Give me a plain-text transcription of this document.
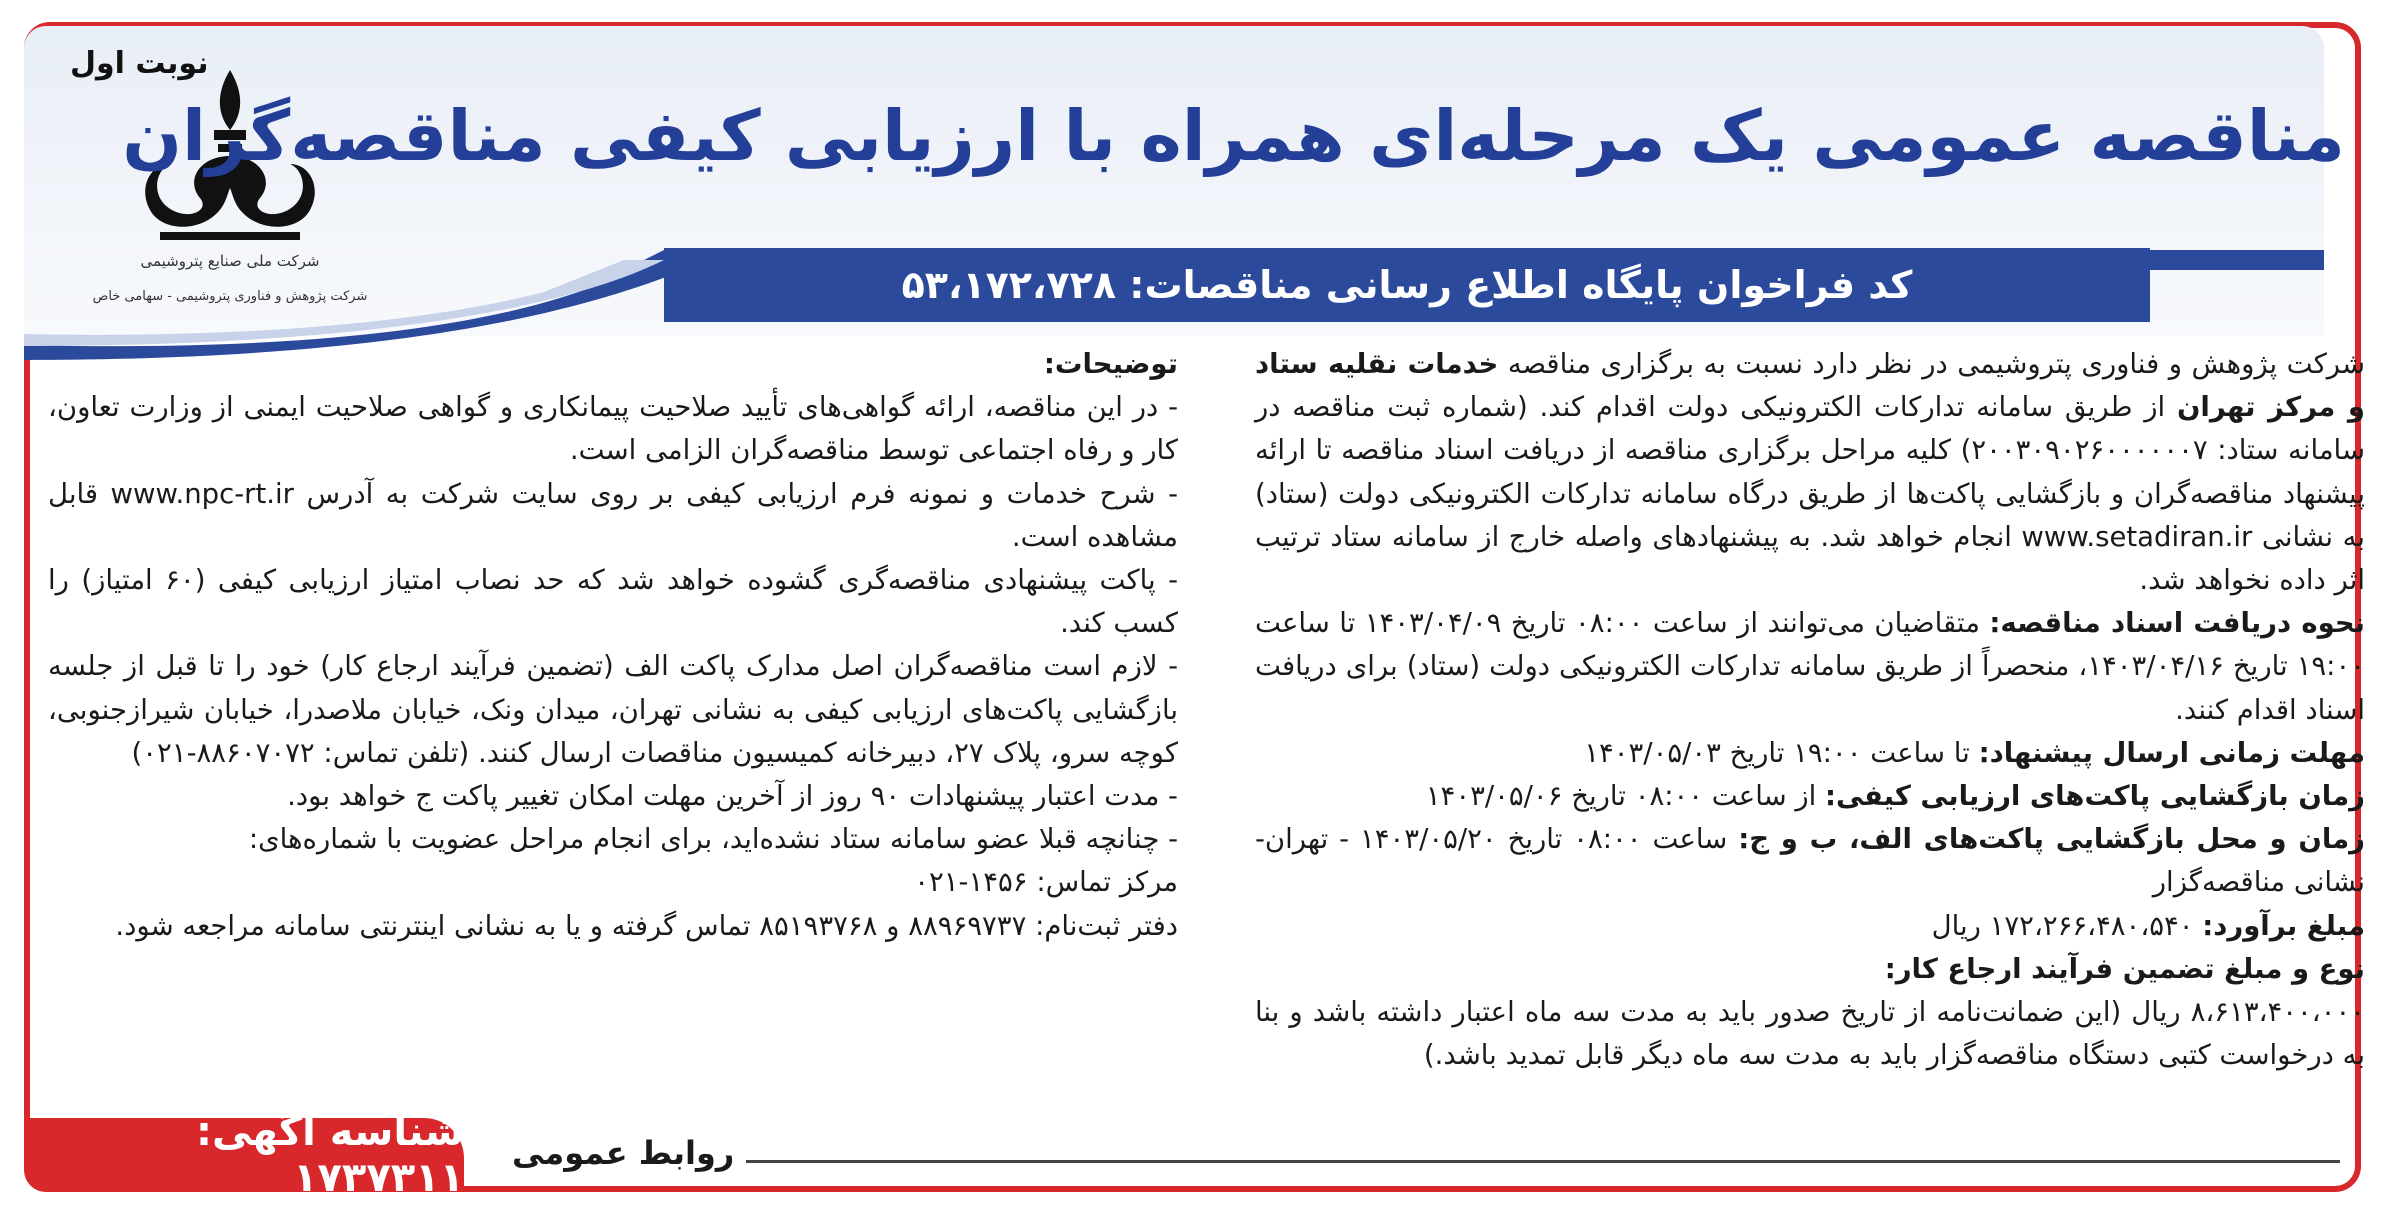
نوبت اول
شرکت ملی صنایع پتروشیمی
شرکت پژوهش و فناوری پتروشیمی - سهامی خاص
مناقصه عمومی یک مرحله‌ای همراه با ارزیابی کیفی مناقصه‌گران
کد فراخوان پایگاه اطلاع رسانی مناقصات: ۵۳،۱۷۲،۷۲۸

شرکت پژوهش و فناوری پتروشیمی در نظر دارد نسبت به برگزاری مناقصه خدمات نقلیه ستاد و مرکز تهران از طریق سامانه تدارکات الکترونیکی دولت اقدام کند. (شماره ثبت مناقصه در سامانه ستاد: ۲۰۰۳۰۹۰۲۶۰۰۰۰۰۰۷) کلیه مراحل برگزاری مناقصه از دریافت اسناد مناقصه تا ارائه پیشنهاد مناقصه‌گران و بازگشایی پاکت‌ها از طریق درگاه سامانه تدارکات الکترونیکی دولت (ستاد) به نشانی www.setadiran.ir انجام خواهد شد. به پیشنهادهای واصله خارج از سامانه ستاد ترتیب اثر داده نخواهد شد.

نحوه دریافت اسناد مناقصه: متقاضیان می‌توانند از ساعت ۰۸:۰۰ تاریخ ۱۴۰۳/۰۴/۰۹ تا ساعت ۱۹:۰۰ تاریخ ۱۴۰۳/۰۴/۱۶، منحصراً از طریق سامانه تدارکات الکترونیکی دولت (ستاد) برای دریافت اسناد اقدام کنند.

مهلت زمانی ارسال پیشنهاد: تا ساعت ۱۹:۰۰ تاریخ ۱۴۰۳/۰۵/۰۳

زمان بازگشایی پاکت‌های ارزیابی کیفی: از ساعت ۰۸:۰۰ تاریخ ۱۴۰۳/۰۵/۰۶

زمان و محل بازگشایی پاکت‌های الف، ب و ج: ساعت ۰۸:۰۰ تاریخ ۱۴۰۳/۰۵/۲۰ - تهران- نشانی مناقصه‌گزار

مبلغ برآورد: ۱۷۲،۲۶۶،۴۸۰،۵۴۰ ریال

نوع و مبلغ تضمین فرآیند ارجاع کار:

۸،۶۱۳،۴۰۰،۰۰۰ ریال (این ضمانت‌نامه از تاریخ صدور باید به مدت سه ماه اعتبار داشته باشد و بنا به درخواست کتبی دستگاه مناقصه‌گزار باید به مدت سه ماه دیگر قابل تمدید باشد.)

توضیحات:

- در این مناقصه، ارائه گواهی‌های تأیید صلاحیت پیمانکاری و گواهی صلاحیت ایمنی از وزارت تعاون، کار و رفاه اجتماعی توسط مناقصه‌گران الزامی است.

- شرح خدمات و نمونه فرم ارزیابی کیفی بر روی سایت شرکت به آدرس www.npc-rt.ir قابل مشاهده است.

- پاکت پیشنهادی مناقصه‌گری گشوده خواهد شد که حد نصاب امتیاز ارزیابی کیفی (۶۰ امتیاز) را کسب کند.

- لازم است مناقصه‌گران اصل مدارک پاکت الف (تضمین فرآیند ارجاع کار) خود را تا قبل از جلسه بازگشایی پاکت‌های ارزیابی کیفی به نشانی تهران، میدان ونک، خیابان ملاصدرا، خیابان شیرازجنوبی، کوچه سرو، پلاک ۲۷، دبیرخانه کمیسیون مناقصات ارسال کنند. (تلفن تماس: ۸۸۶۰۷۰۷۲-۰۲۱)

- مدت اعتبار پیشنهادات ۹۰ روز از آخرین مهلت امکان تغییر پاکت ج خواهد بود.

- چنانچه قبلا عضو سامانه ستاد نشده‌اید، برای انجام مراحل عضویت با شماره‌های:

مرکز تماس: ۱۴۵۶-۰۲۱

دفتر ثبت‌نام: ۸۸۹۶۹۷۳۷ و ۸۵۱۹۳۷۶۸ تماس گرفته و یا به نشانی اینترنتی سامانه مراجعه شود.

روابط عمومی
شناسه آگهی: ۱۷۳۷۳۱۱
